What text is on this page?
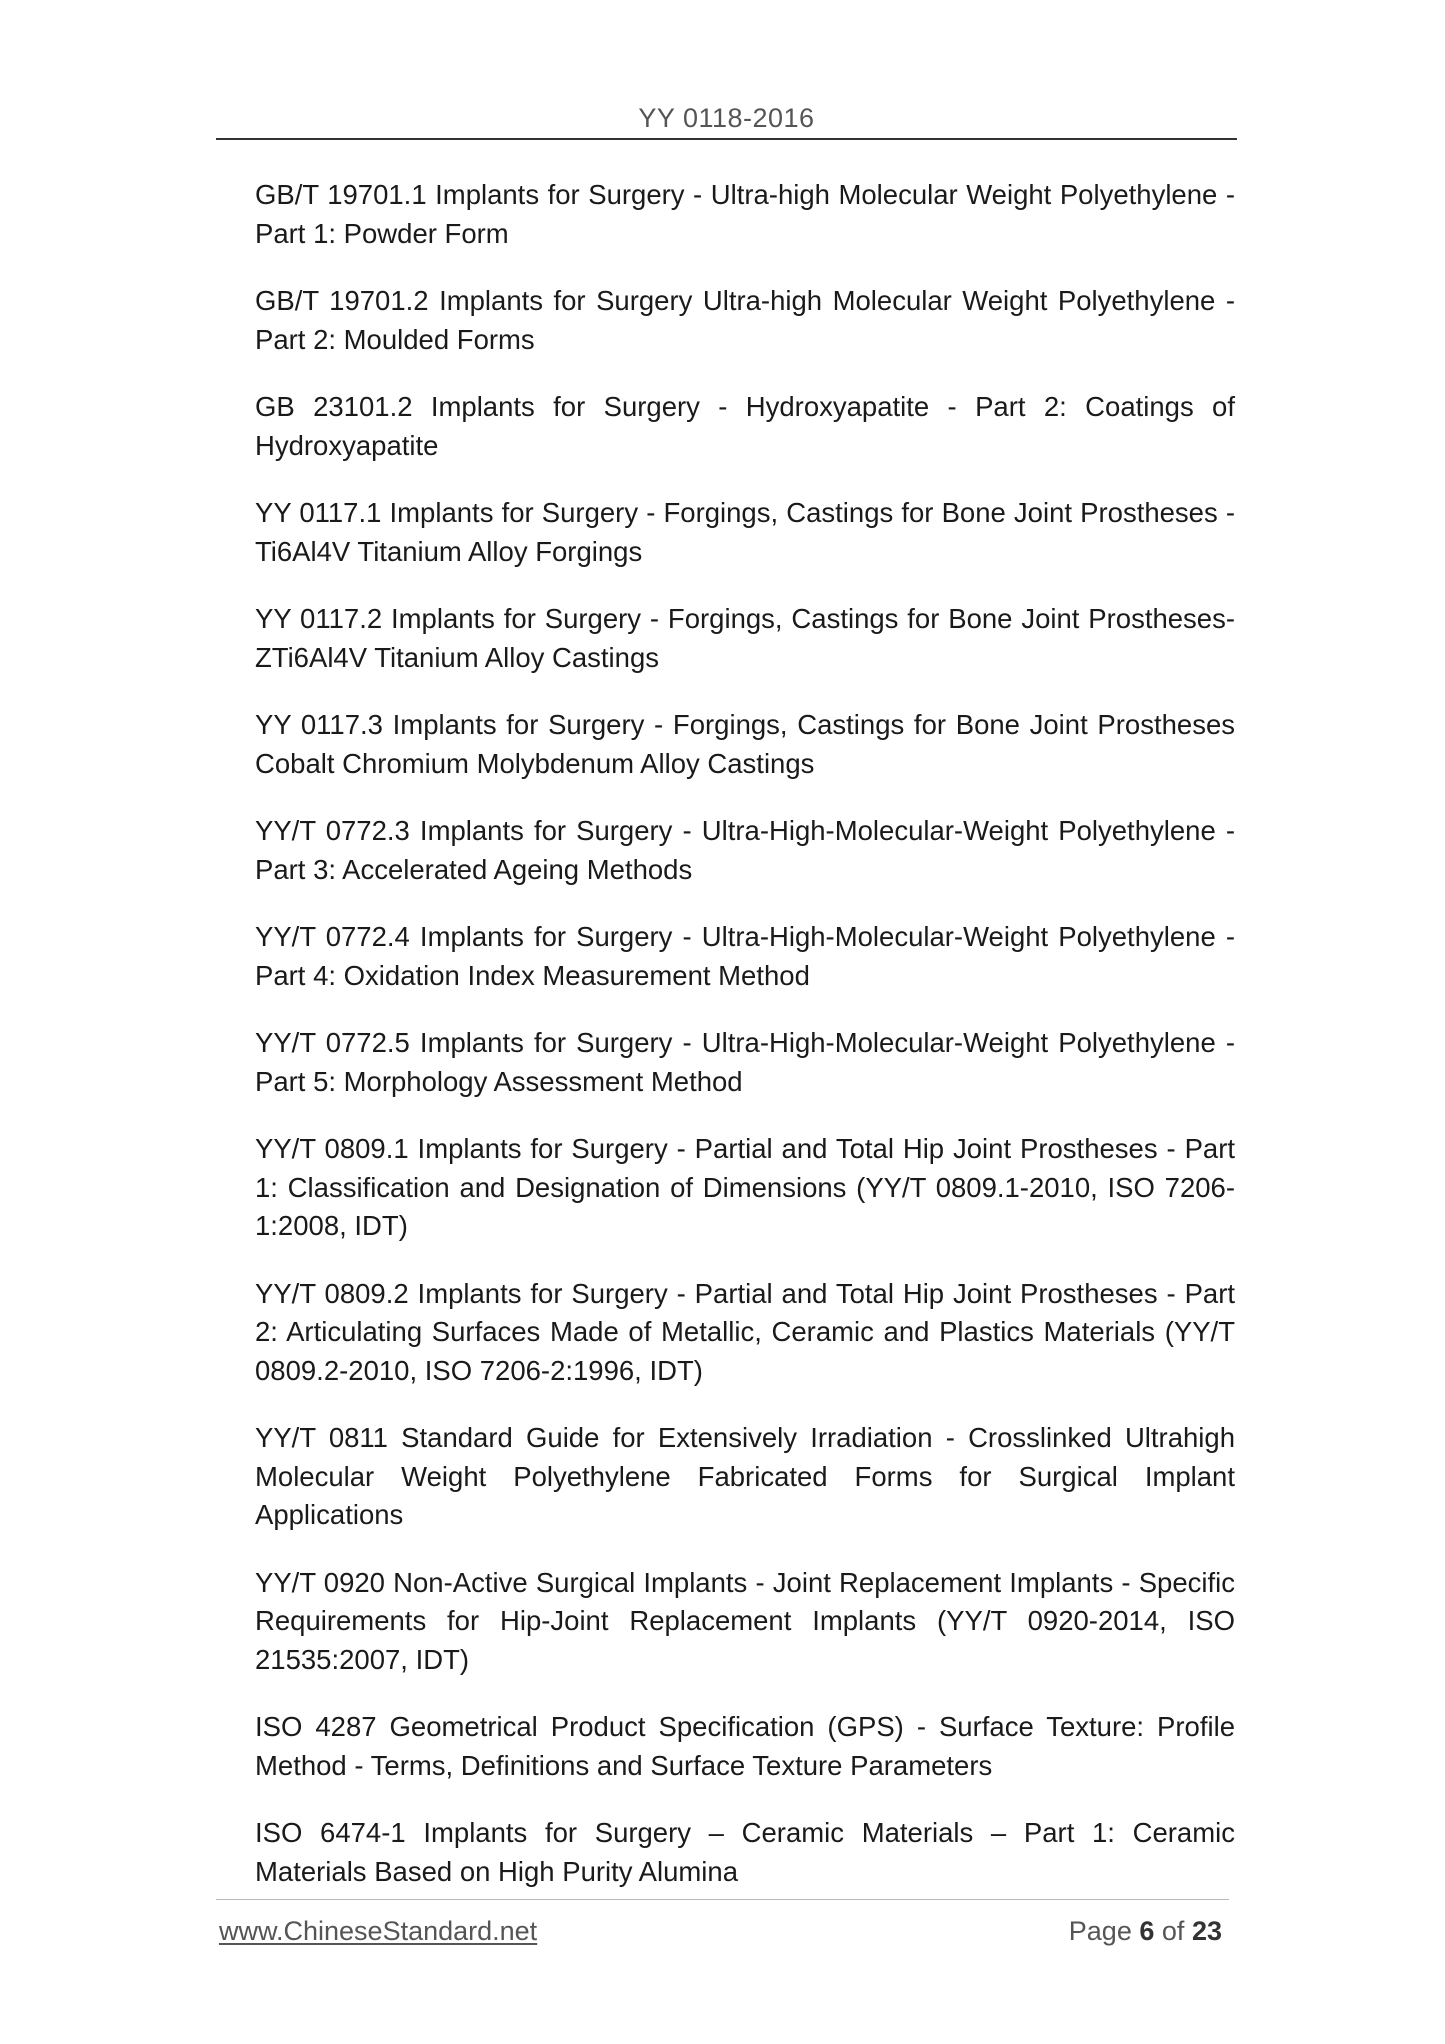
YY 0118-2016

GB/T 19701.1 Implants for Surgery - Ultra-high Molecular Weight Polyethylene - Part 1: Powder Form

GB/T 19701.2 Implants for Surgery Ultra-high Molecular Weight Polyethylene - Part 2: Moulded Forms

GB 23101.2 Implants for Surgery - Hydroxyapatite - Part 2: Coatings of Hydroxyapatite

YY 0117.1 Implants for Surgery - Forgings, Castings for Bone Joint Prostheses - Ti6Al4V Titanium Alloy Forgings

YY 0117.2 Implants for Surgery - Forgings, Castings for Bone Joint Prostheses-ZTi6Al4V Titanium Alloy Castings

YY 0117.3 Implants for Surgery - Forgings, Castings for Bone Joint Prostheses Cobalt Chromium Molybdenum Alloy Castings

YY/T 0772.3 Implants for Surgery - Ultra-High-Molecular-Weight Polyethylene - Part 3: Accelerated Ageing Methods

YY/T 0772.4 Implants for Surgery - Ultra-High-Molecular-Weight Polyethylene - Part 4: Oxidation Index Measurement Method

YY/T 0772.5 Implants for Surgery - Ultra-High-Molecular-Weight Polyethylene - Part 5: Morphology Assessment Method

YY/T 0809.1 Implants for Surgery - Partial and Total Hip Joint Prostheses - Part 1: Classification and Designation of Dimensions (YY/T 0809.1-2010, ISO 7206-1:2008, IDT)

YY/T 0809.2 Implants for Surgery - Partial and Total Hip Joint Prostheses - Part 2: Articulating Surfaces Made of Metallic, Ceramic and Plastics Materials (YY/T 0809.2-2010, ISO 7206-2:1996, IDT)

YY/T 0811 Standard Guide for Extensively Irradiation - Crosslinked Ultrahigh Molecular Weight Polyethylene Fabricated Forms for Surgical Implant Applications

YY/T 0920 Non-Active Surgical Implants - Joint Replacement Implants - Specific Requirements for Hip-Joint Replacement Implants (YY/T 0920-2014, ISO 21535:2007, IDT)

ISO 4287 Geometrical Product Specification (GPS) - Surface Texture: Profile Method - Terms, Definitions and Surface Texture Parameters

ISO 6474-1 Implants for Surgery – Ceramic Materials – Part 1: Ceramic Materials Based on High Purity Alumina

www.ChineseStandard.net	Page 6 of 23
